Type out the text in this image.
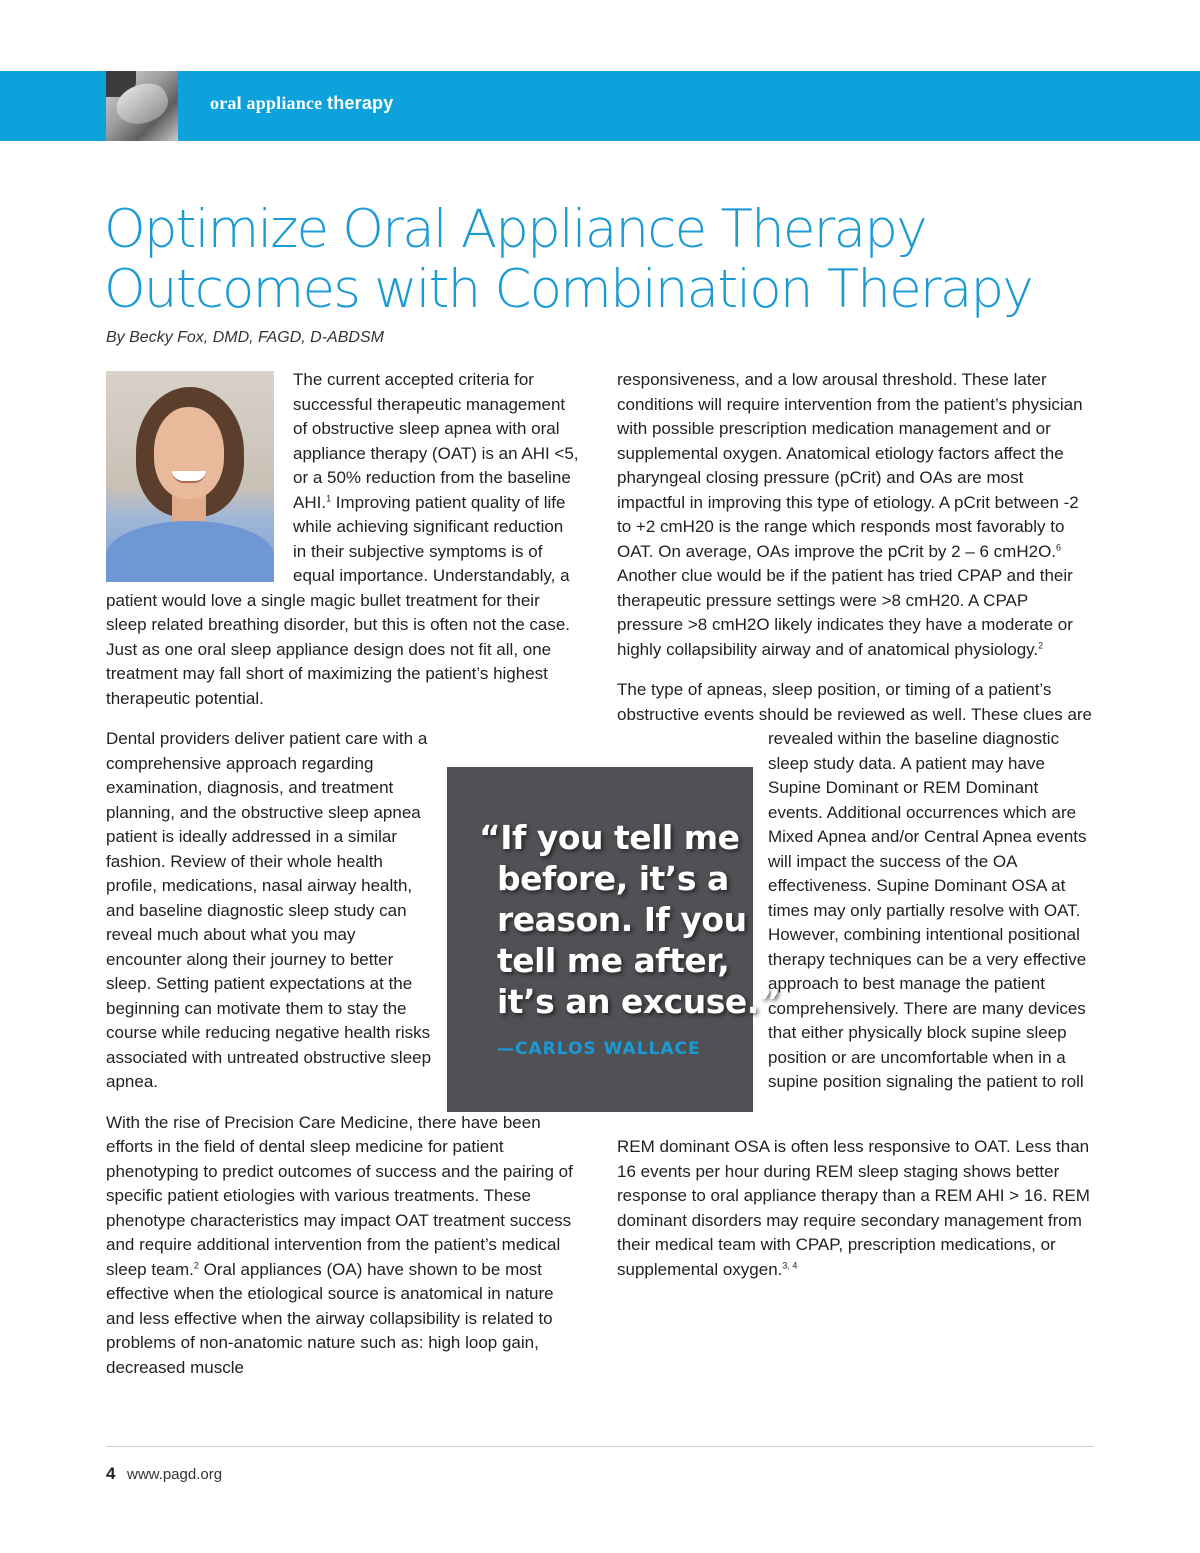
oral appliance therapy
Optimize Oral Appliance Therapy
Outcomes with Combination Therapy
By Becky Fox, DMD, FAGD, D-ABDSM

The current accepted criteria for successful therapeutic management of obstructive sleep apnea with oral appliance therapy (OAT) is an AHI <5, or a 50% reduction from the baseline AHI.$^1$ Improving patient quality of life while achieving significant reduction in their subjective symptoms is of equal importance. Understandably, a patient would love a single magic bullet treatment for their sleep related breathing disorder, but this is often not the case. Just as one oral sleep appliance design does not fit all, one treatment may fall short of maximizing the patient’s highest therapeutic potential.

Dental providers deliver patient care with a comprehensive approach regarding examination, diagnosis, and treatment planning, and the obstructive sleep apnea patient is ideally addressed in a similar fashion. Review of their whole health profile, medications, nasal airway health, and baseline diagnostic sleep study can reveal much about what you may encounter along their journey to better sleep. Setting patient expectations at the beginning can motivate them to stay the course while reducing negative health risks associated with untreated obstructive sleep apnea.

With the rise of Precision Care Medicine, there have been efforts in the field of dental sleep medicine for patient phenotyping to predict outcomes of success and the pairing of specific patient etiologies with various treatments. These phenotype characteristics may impact OAT treatment success and require additional intervention from the patient’s medical sleep team.$^2$ Oral appliances (OA) have shown to be most effective when the etiological source is anatomical in nature and less effective when the airway collapsibility is related to problems of non-anatomic nature such as: high loop gain, decreased muscle

responsiveness, and a low arousal threshold. These later conditions will require intervention from the patient’s physician with possible prescription medication management and or supplemental oxygen. Anatomical etiology factors affect the pharyngeal closing pressure (pCrit) and OAs are most impactful in improving this type of etiology. A pCrit between -2 to +2 cmH20 is the range which responds most favorably to OAT. On average, OAs improve the pCrit by 2 – 6 cmH2O.$^6$ Another clue would be if the patient has tried CPAP and their therapeutic pressure settings were >8 cmH20. A CPAP pressure >8 cmH2O likely indicates they have a moderate or highly collapsibility airway and of anatomical physiology.$^2$

The type of apneas, sleep position, or timing of a patient’s obstructive events should be reviewed as well. These clues are revealed within the baseline diagnostic sleep study data. A patient may have Supine Dominant or REM Dominant events. Additional occurrences which are Mixed Apnea and/or Central Apnea events will impact the success of the OA effectiveness. Supine Dominant OSA at times may only partially resolve with OAT. However, combining intentional positional therapy techniques can be a very effective approach to best manage the patient comprehensively. There are many devices that either physically block supine sleep position or are uncomfortable when in a supine position signaling the patient to roll

REM dominant OSA is often less responsive to OAT. Less than 16 events per hour during REM sleep staging shows better response to oral appliance therapy than a REM AHI > 16. REM dominant disorders may require secondary management from their medical team with CPAP, prescription medications, or supplemental oxygen.$^{3, 4}$

“If you tell me
before, it’s a
reason. If you
tell me after,
it’s an excuse.”
—CARLOS WALLACE
4 www.pagd.org
